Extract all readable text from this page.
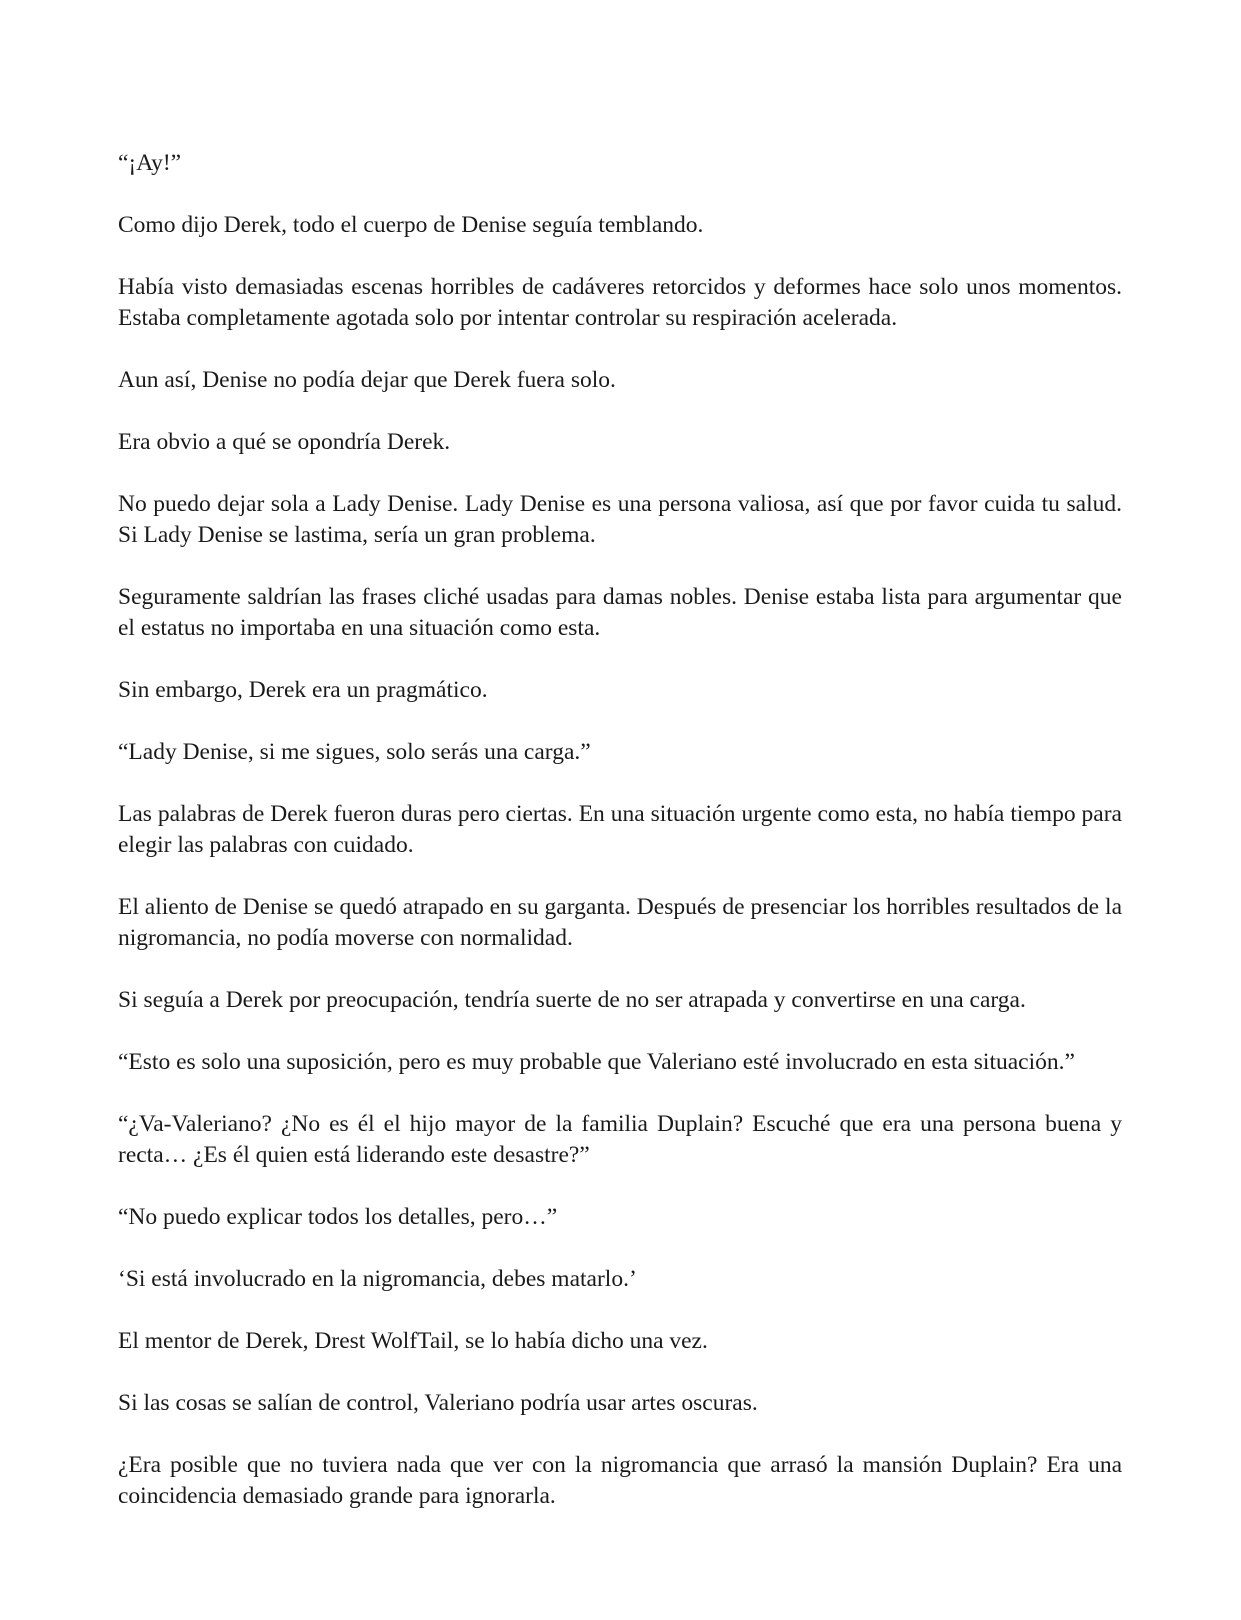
“¡Ay!”

Como dijo Derek, todo el cuerpo de Denise seguía temblando.

Había visto demasiadas escenas horribles de cadáveres retorcidos y deformes hace solo unos momentos. Estaba completamente agotada solo por intentar controlar su respiración acelerada.

Aun así, Denise no podía dejar que Derek fuera solo.

Era obvio a qué se opondría Derek.

No puedo dejar sola a Lady Denise. Lady Denise es una persona valiosa, así que por favor cuida tu salud. Si Lady Denise se lastima, sería un gran problema.

Seguramente saldrían las frases cliché usadas para damas nobles. Denise estaba lista para argumentar que el estatus no importaba en una situación como esta.

Sin embargo, Derek era un pragmático.

“Lady Denise, si me sigues, solo serás una carga.”

Las palabras de Derek fueron duras pero ciertas. En una situación urgente como esta, no había tiempo para elegir las palabras con cuidado.

El aliento de Denise se quedó atrapado en su garganta. Después de presenciar los horribles resultados de la nigromancia, no podía moverse con normalidad.

Si seguía a Derek por preocupación, tendría suerte de no ser atrapada y convertirse en una carga.

“Esto es solo una suposición, pero es muy probable que Valeriano esté involucrado en esta situación.”

“¿Va-Valeriano? ¿No es él el hijo mayor de la familia Duplain? Escuché que era una persona buena y recta… ¿Es él quien está liderando este desastre?”

“No puedo explicar todos los detalles, pero…”

‘Si está involucrado en la nigromancia, debes matarlo.’

El mentor de Derek, Drest WolfTail, se lo había dicho una vez.

Si las cosas se salían de control, Valeriano podría usar artes oscuras.

¿Era posible que no tuviera nada que ver con la nigromancia que arrasó la mansión Duplain? Era una coincidencia demasiado grande para ignorarla.
